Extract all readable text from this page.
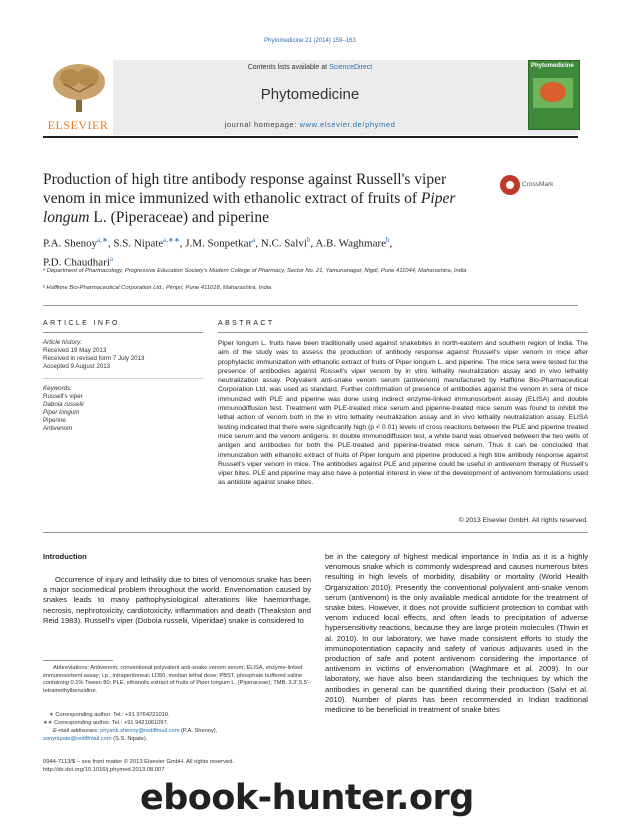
Phytomedicine 21 (2014) 159–163
ELSEVIER
Contents lists available at ScienceDirect
Phytomedicine
journal homepage: www.elsevier.de/phymed
Phytomedicine
Production of high titre antibody response against Russell's viper venom in mice immunized with ethanolic extract of fruits of Piper longum L. (Piperaceae) and piperine
CrossMark
P.A. Shenoy$^{a,∗}$, S.S. Nipate$^{a,∗∗}$, J.M. Sonpetkar$^a$, N.C. Salvi$^b$, A.B. Waghmare$^b$,
P.D. Chaudhari$^a$
ᵃ Department of Pharmacology, Progressive Education Society's Modern College of Pharmacy, Sector No. 21, Yamunanagar, Nigdi, Pune 411044, Maharashtra, India
ᵇ Haffkine Bio-Pharmaceutical Corporation Ltd., Pimpri, Pune 411018, Maharashtra, India
ARTICLE INFO
Article history:
Received 19 May 2013
Received in revised form 7 July 2013
Accepted 9 August 2013
Keywords:
Russell's viper
Daboia russelii
Piper longum
Piperine
Antivenom
ABSTRACT
Piper longum L. fruits have been traditionally used against snakebites in north-eastern and southern region of India. The aim of the study was to assess the production of antibody response against Russell's viper venom in mice after prophylactic immunization with ethanolic extract of fruits of Piper longum L. and piperine. The mice sera were tested for the presence of antibodies against Russell's viper venom by in vitro lethality neutralization assay and in vivo lethality neutralization assay. Polyvalent anti-snake venom serum (antivenom) manufactured by Haffkine Bio-Pharmaceutical Corporation Ltd. was used as standard. Further confirmation of presence of antibodies against the venom in sera of mice immunized with PLE and piperine was done using indirect enzyme-linked immunosorbent assay (ELISA) and double immunodiffusion test. Treatment with PLE-treated mice serum and piperine-treated mice serum was found to inhibit the lethal action of venom both in the in vitro lethality neutralization assay and in vivo lethality neutralization assay. ELISA testing indicated that there were significantly high (p < 0.01) levels of cross reactions between the PLE and piperine treated mice serum and the venom antigens. In double immunodiffusion test, a white band was observed between the two wells of antigen and antibodies for both the PLE-treated and piperine-treated mice serum. Thus it can be concluded that immunization with ethanolic extract of fruits of Piper longum and piperine produced a high titre antibody response against Russell's viper venom in mice. The antibodies against PLE and piperine could be useful in antivenom therapy of Russell's viper bites. PLE and piperine may also have a potential interest in view of the development of antivenom formulations used as antidote against snake bites.
© 2013 Elsevier GmbH. All rights reserved.
Introduction
Occurrence of injury and lethality due to bites of venomous snake has been a major sociomedical problem throughout the world. Envenomation caused by snakes leads to many pathophysiological alterations like haemorrhage, necrosis, nephrotoxicity, cardiotoxicity, inflammation and death (Theakston and Reid 1983). Russell's viper (Doboia russelii, Viperidae) snake is considered to
be in the category of highest medical importance in India as it is a highly venomous snake which is commonly widespread and causes numerous bites resulting in high levels of morbidity, disability or mortality (World Health Organization 2010). Presently the conventional polyvalent anti-snake venom serum (antivenom) is the only available medical antidote for the treatment of snake bites. However, it does not provide sufficient protection to combat with venom induced local effects, and often leads to precipitation of adverse hypersensitivity reactions, because they are large protein molecules (Thwin et al. 2010). In our laboratory, we have made consistent efforts to study the immunopotentiation capacity and safety of various adjuvants used in the production of safe and potent antivenom considering the importance of antivenom in victims of envenomation (Waghmare et al. 2009). In our laboratory, we have also been standardizing the techniques by which the antibodies in general can be quantified during their production (Salvi et al. 2010). Number of plants has been recommended in Indian traditional medicine to be beneficial in treatment of snake bites
Abbreviations: Antivenom, conventional polyvalent anti-snake venom serum; ELISA, enzyme-linked immunosorbent assay; i.p., intraperitoneal; LD50, median lethal dose; PBST, phosphate buffered saline containing 0.1% Tween 80; PLE, ethanolic extract of fruits of Piper longum L. (Piperaceae); TMB, 3,3',5,5'-tetramethylbenzidine.
∗ Corresponding author. Tel.: +91 9764221010.
∗∗ Corresponding author. Tel.: +91 9421061097.
E-mail addresses: priyank.shenoy@rediffmail.com (P.A. Shenoy),
sonynipate@rediffmail.com (S.S. Nipate).
0944-7113/$ – see front matter © 2013 Elsevier GmbH. All rights reserved.
http://dx.doi.org/10.1016/j.phymed.2013.08.007
ebook-hunter.org
